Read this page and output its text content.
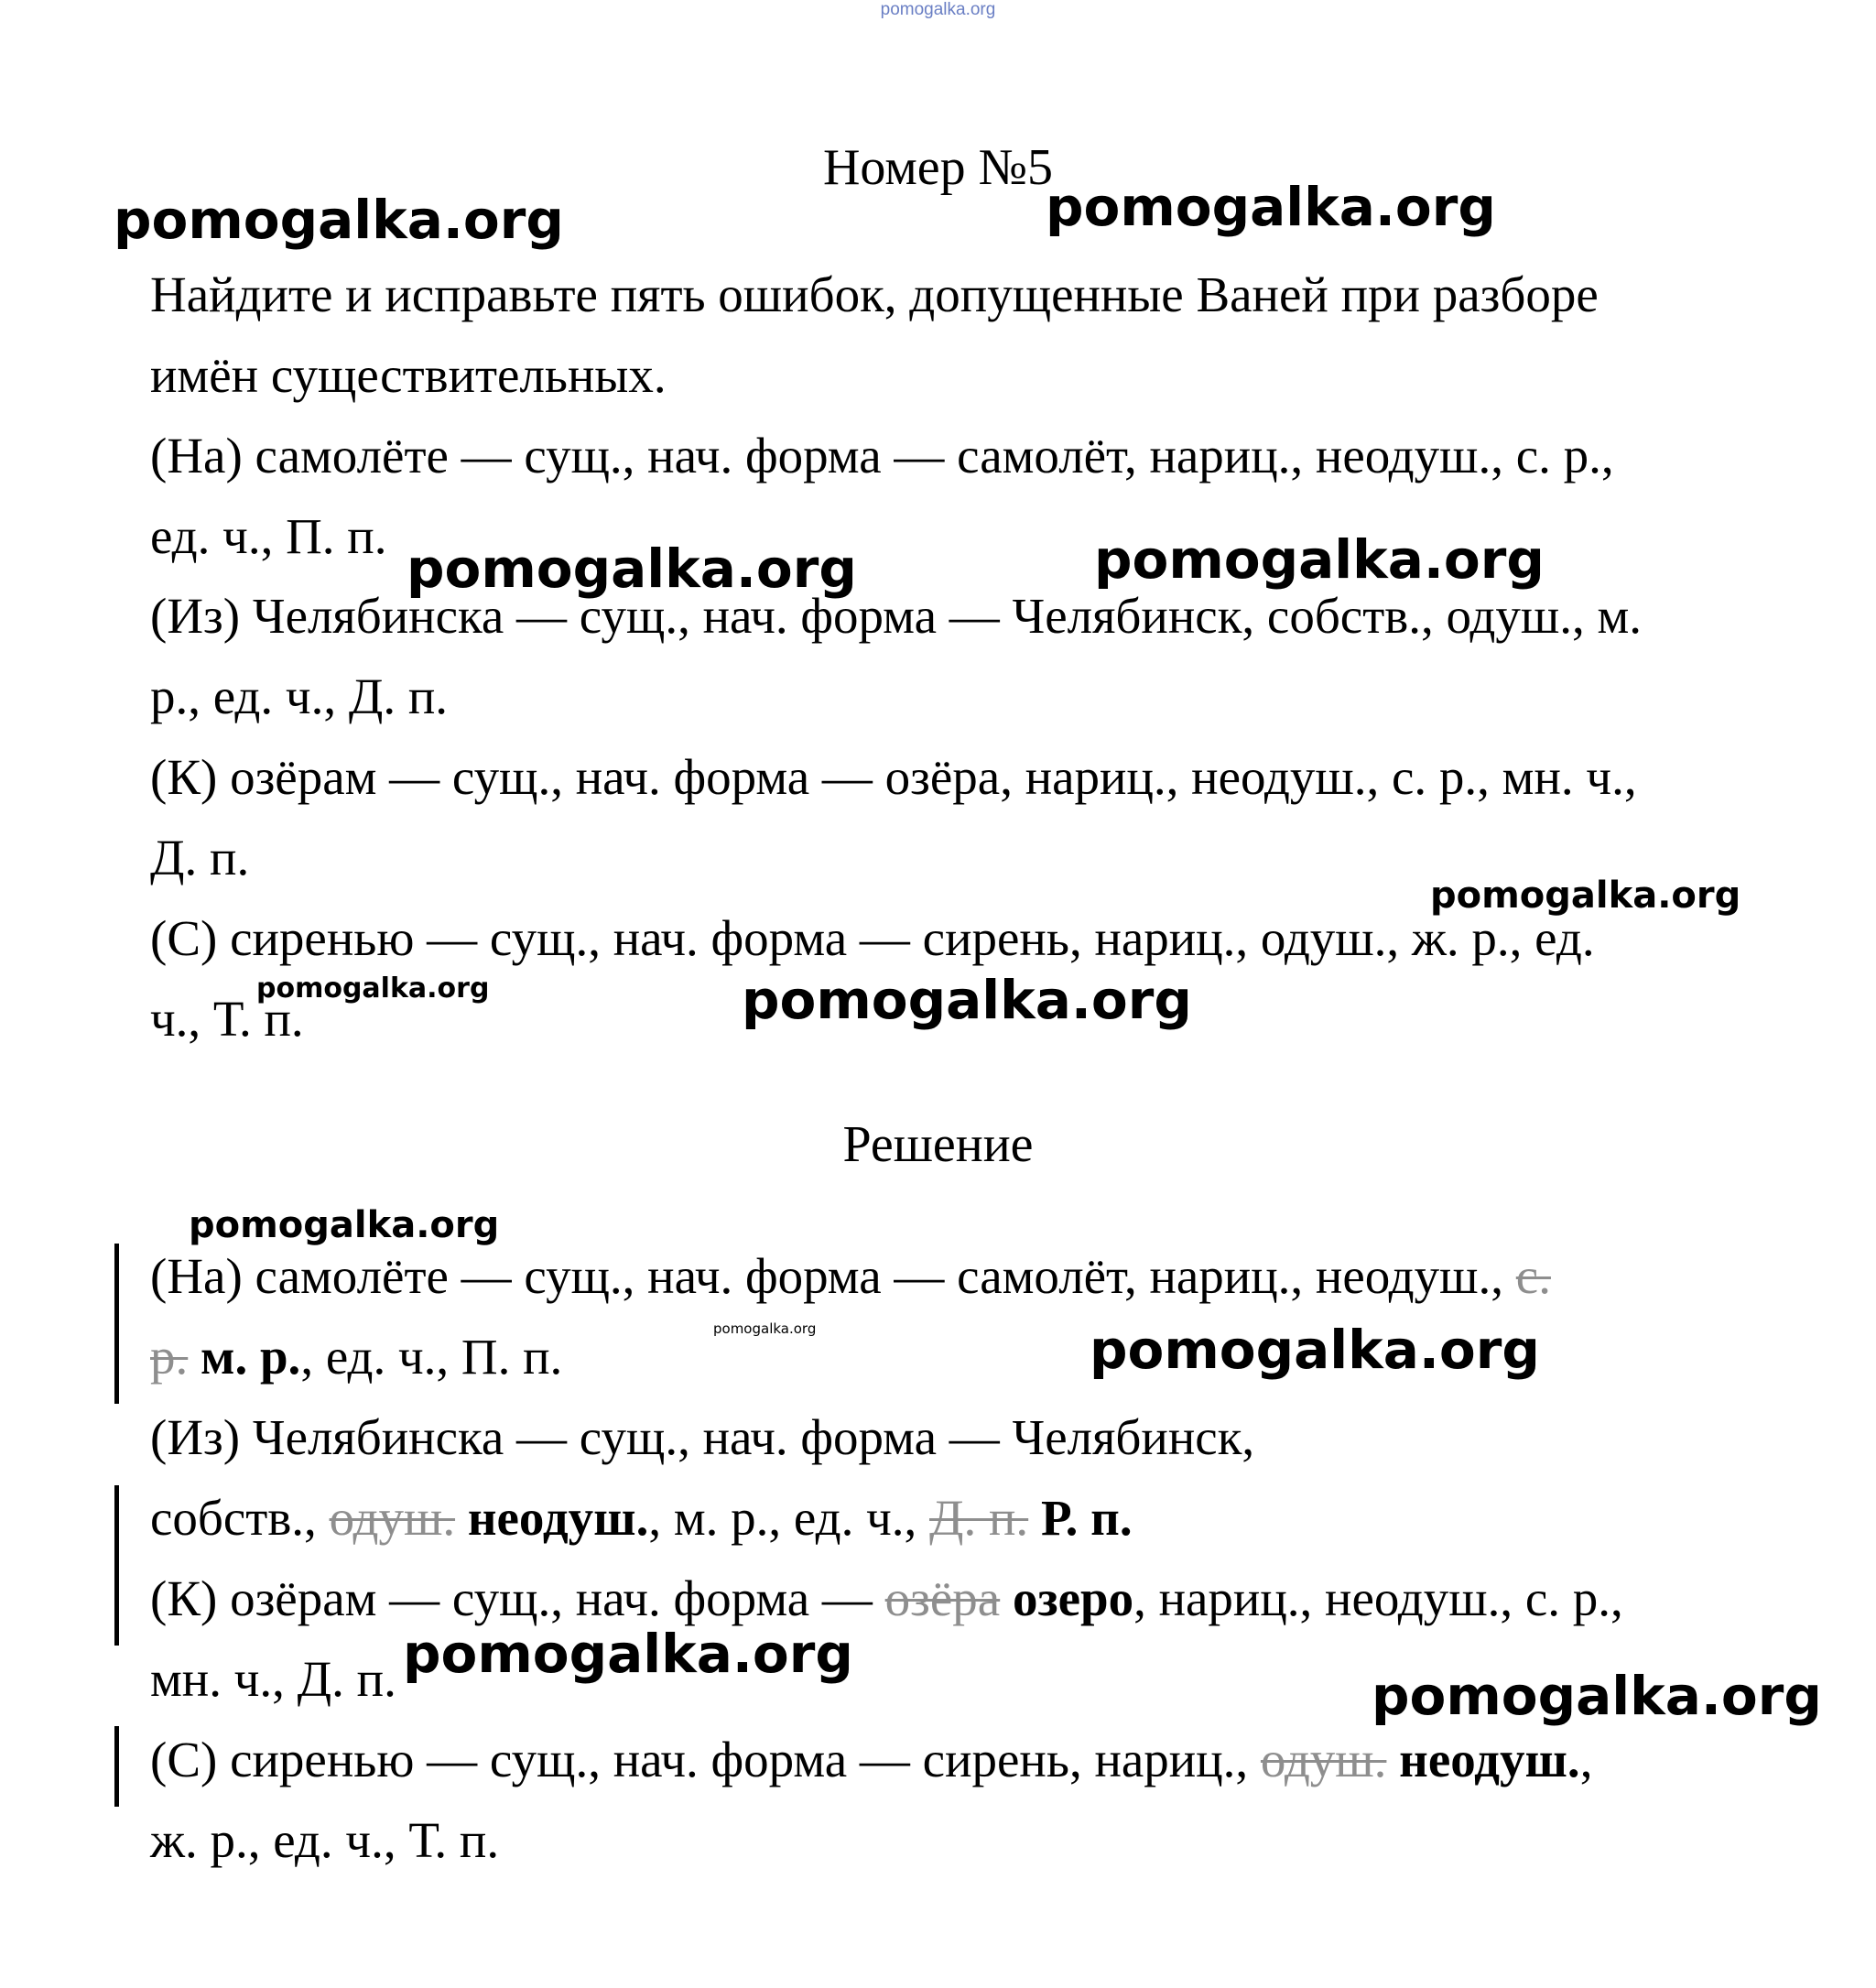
pomogalka.org
Номер №5
Найдите и исправьте пять ошибок, допущенные Ваней при разборе
имён существительных.
(На) самолёте — сущ., нач. форма — самолёт, нариц., неодуш., с. р.,
ед. ч., П. п.
(Из) Челябинска — сущ., нач. форма — Челябинск, собств., одуш., м.
р., ед. ч., Д. п.
(К) озёрам — сущ., нач. форма — озёра, нариц., неодуш., с. р., мн. ч.,
Д. п.
(С) сиренью — сущ., нач. форма — сирень, нариц., одуш., ж. р., ед.
ч., Т. п.
Решение
(На) самолёте — сущ., нач. форма — самолёт, нариц., неодуш., с.
р. м. р., ед. ч., П. п.
(Из) Челябинска — сущ., нач. форма — Челябинск,
собств., одуш. неодуш., м. р., ед. ч., Д. п. Р. п.
(К) озёрам — сущ., нач. форма — озёра озеро, нариц., неодуш., с. р.,
мн. ч., Д. п.
(С) сиренью — сущ., нач. форма — сирень, нариц., одуш. неодуш.,
ж. р., ед. ч., Т. п.
pomogalka.org	pomogalka.org
pomogalka.org	pomogalka.org
pomogalka.org
pomogalka.org	pomogalka.org
pomogalka.org
pomogalka.org	pomogalka.org
pomogalka.org
pomogalka.org
